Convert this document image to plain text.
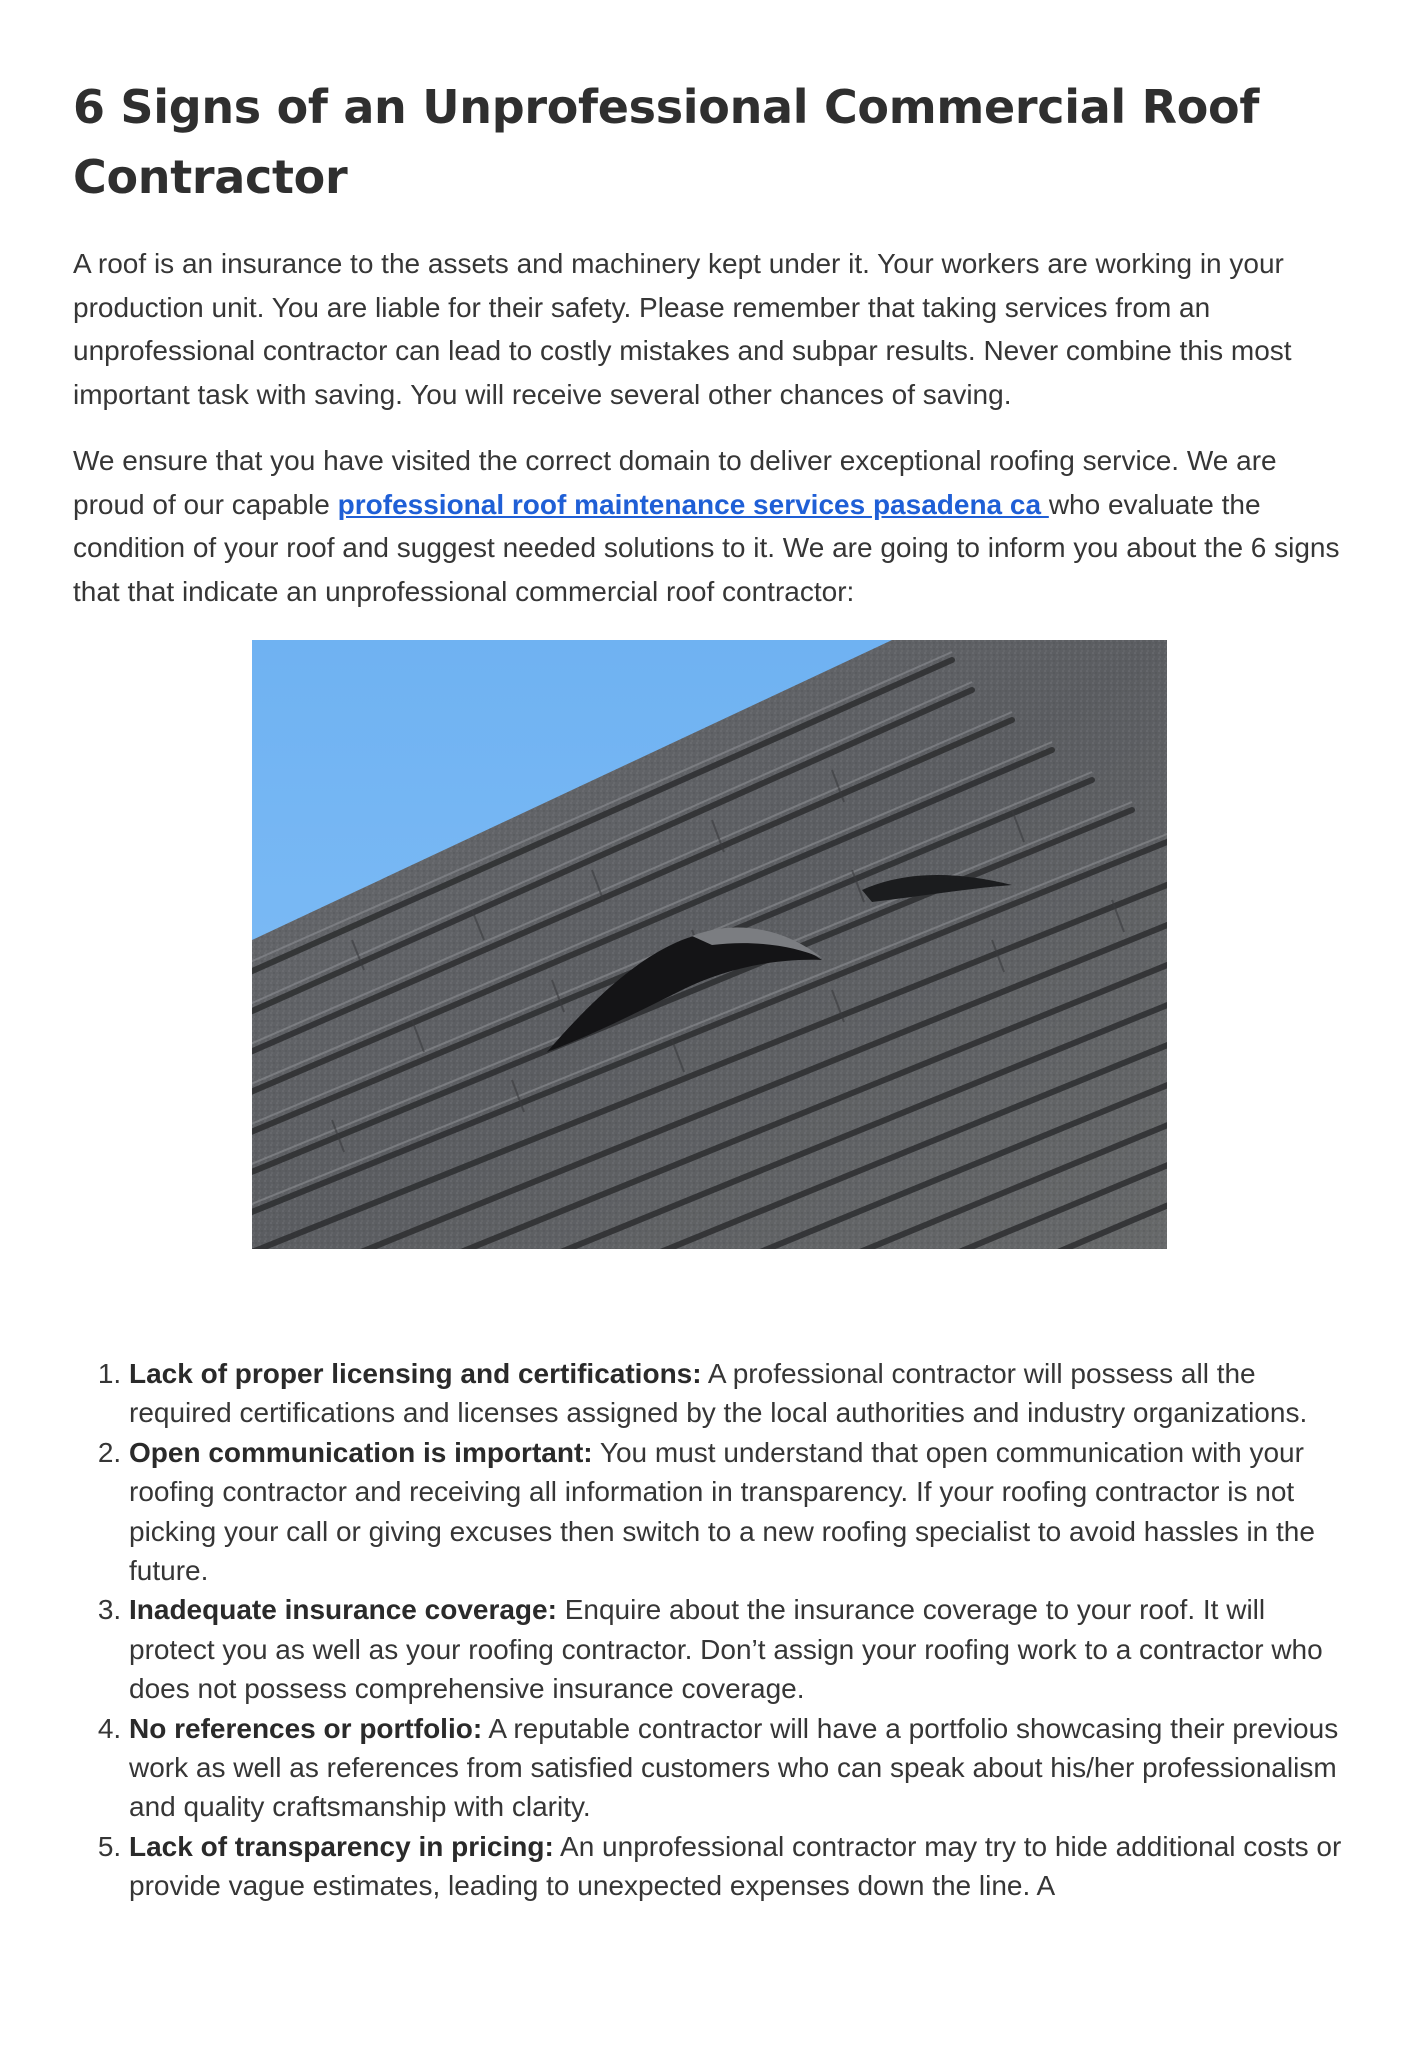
6 Signs of an Unprofessional Commercial Roof Contractor

A roof is an insurance to the assets and machinery kept under it. Your workers are working in your production unit. You are liable for their safety. Please remember that taking services from an unprofessional contractor can lead to costly mistakes and subpar results. Never combine this most important task with saving. You will receive several other chances of saving.

We ensure that you have visited the correct domain to deliver exceptional roofing service. We are proud of our capable professional roof maintenance services pasadena ca who evaluate the condition of your roof and suggest needed solutions to it. We are going to inform you about the 6 signs that that indicate an unprofessional commercial roof contractor:

1. Lack of proper licensing and certifications: A professional contractor will possess all the required certifications and licenses assigned by the local authorities and industry organizations.
2. Open communication is important: You must understand that open communication with your roofing contractor and receiving all information in transparency. If your roofing contractor is not picking your call or giving excuses then switch to a new roofing specialist to avoid hassles in the future.
3. Inadequate insurance coverage: Enquire about the insurance coverage to your roof. It will protect you as well as your roofing contractor. Don’t assign your roofing work to a contractor who does not possess comprehensive insurance coverage.
4. No references or portfolio: A reputable contractor will have a portfolio showcasing their previous work as well as references from satisfied customers who can speak about his/her professionalism and quality craftsmanship with clarity.
5. Lack of transparency in pricing: An unprofessional contractor may try to hide additional costs or provide vague estimates, leading to unexpected expenses down the line. A
